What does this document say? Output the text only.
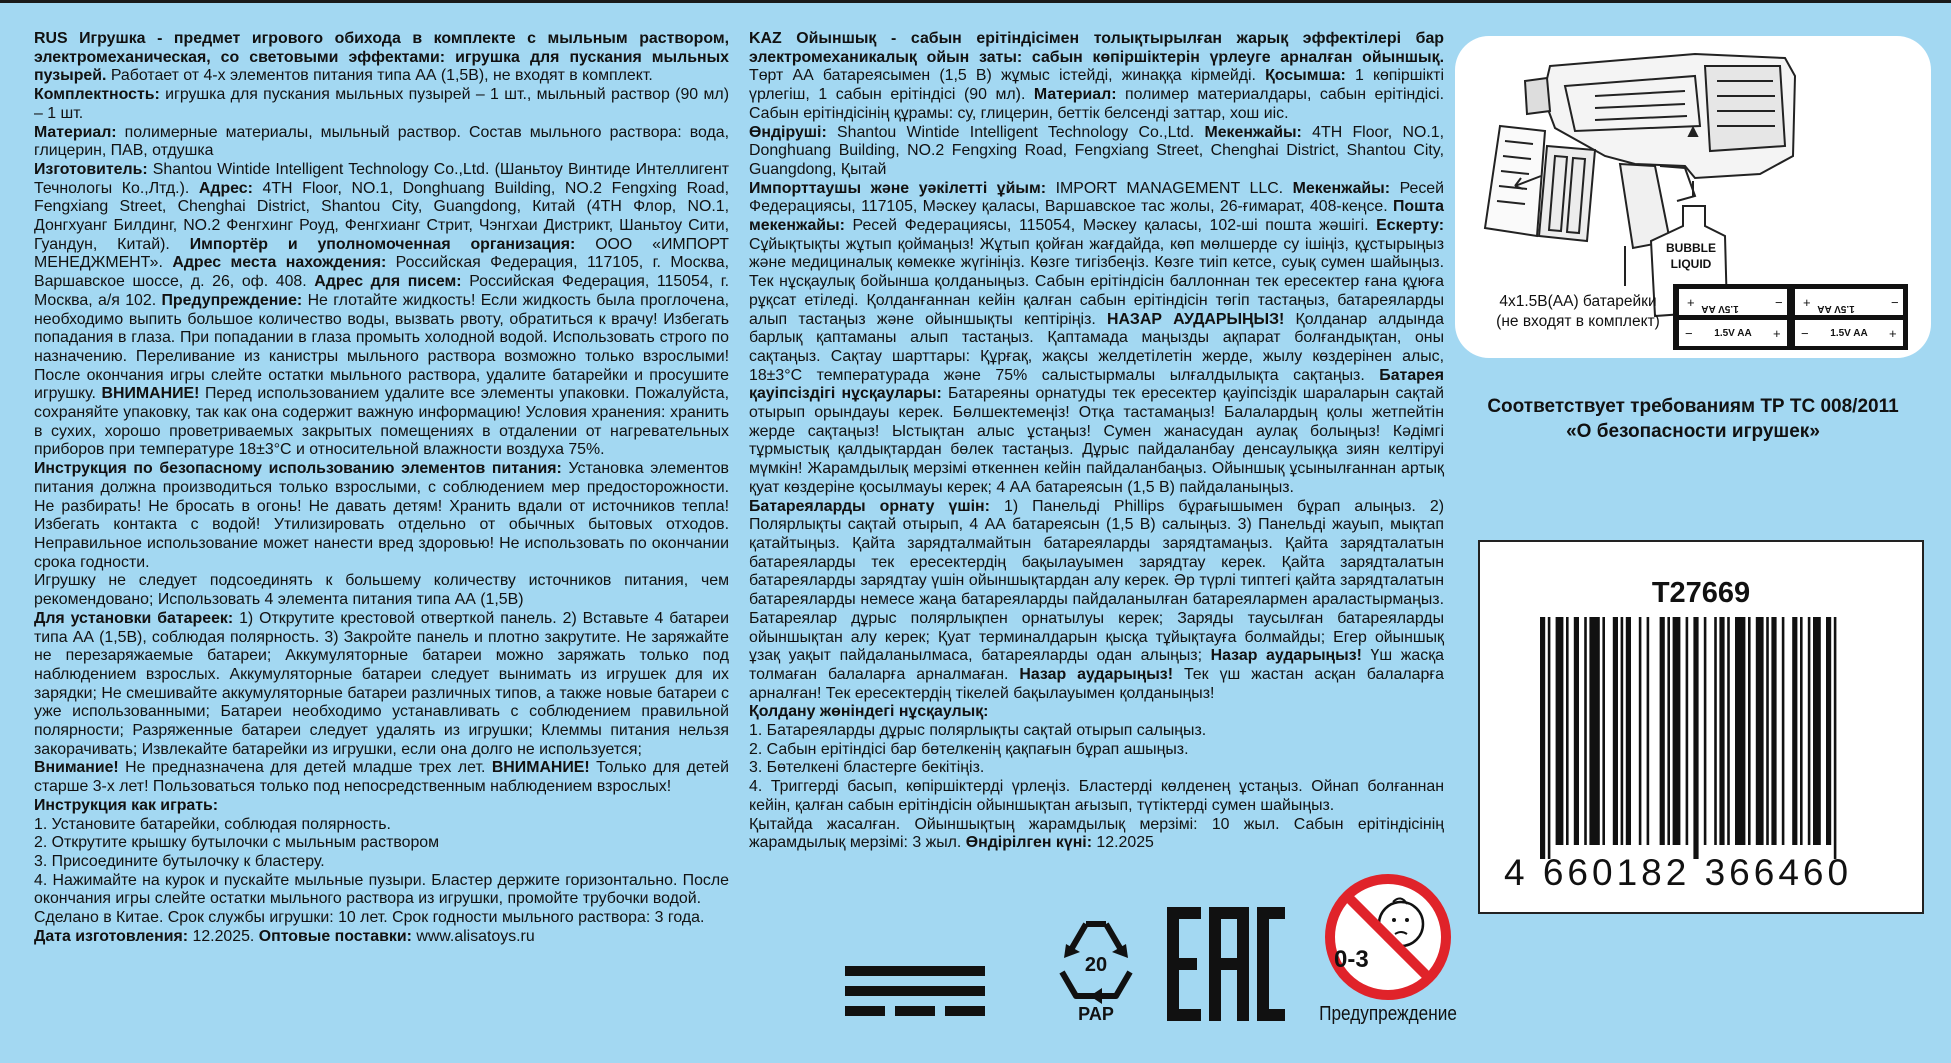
RUS Игрушка - предмет игрового обихода в комплекте с мыльным раствором, электромеханическая, со световыми эффектами: игрушка для пускания мыльных пузырей. Работает от 4-х элементов питания типа АА (1,5В), не входят в комплект.

Комплектность: игрушка для пускания мыльных пузырей – 1 шт., мыльный раствор (90 мл) – 1 шт.

Материал: полимерные материалы, мыльный раствор. Состав мыльного раствора: вода, глицерин, ПАВ, отдушка

Изготовитель: Shantou Wintide Intelligent Technology Co.,Ltd. (Шаньтоу Винтиде Интеллигент Течнологы Ко.,Лтд.). Адрес: 4TH Floor, NO.1, Donghuang Building, NO.2 Fengxing Road, Fengxiang Street, Chenghai District, Shantou City, Guangdong, Китай (4TH Флор, NO.1, Донгхуанг Билдинг, NO.2 Фенгхинг Роуд, Фенгхианг Стрит, Чэнгхаи Дистрикт, Шаньтоу Сити, Гуандун, Китай). Импортёр и уполномоченная организация: ООО «ИМПОРТ МЕНЕДЖМЕНТ». Адрес места нахождения: Российская Федерация, 117105, г. Москва, Варшавское шоссе, д. 26, оф. 408. Адрес для писем: Российская Федерация, 115054, г. Москва, а/я 102. Предупреждение: Не глотайте жидкость! Если жидкость была проглочена, необходимо выпить большое количество воды, вызвать рвоту, обратиться к врачу! Избегать попадания в глаза. При попадании в глаза промыть холодной водой. Использовать строго по назначению. Переливание из канистры мыльного раствора возможно только взрослыми! После окончания игры слейте остатки мыльного раствора, удалите батарейки и просушите игрушку. ВНИМАНИЕ! Перед использованием удалите все элементы упаковки. Пожалуйста, сохраняйте упаковку, так как она содержит важную информацию! Условия хранения: хранить в сухих, хорошо проветриваемых закрытых помещениях в отдалении от нагревательных приборов при температуре 18±3°С и относительной влажности воздуха 75%.

Инструкция по безопасному использованию элементов питания: Установка элементов питания должна производиться только взрослыми, с соблюдением мер предосторожности. Не разбирать! Не бросать в огонь! Не давать детям! Хранить вдали от источников тепла! Избегать контакта с водой! Утилизировать отдельно от обычных бытовых отходов. Неправильное использование может нанести вред здоровью! Не использовать по окончании срока годности.

Игрушку не следует подсоединять к большему количеству источников питания, чем рекомендовано; Использовать 4 элемента питания типа АА (1,5В)

Для установки батареек: 1) Открутите крестовой отверткой панель. 2) Вставьте 4 батареи типа АА (1,5В), соблюдая полярность. 3) Закройте панель и плотно закрутите. Не заряжайте не перезаряжаемые батареи; Аккумуляторные батареи можно заряжать только под наблюдением взрослых. Аккумуляторные батареи следует вынимать из игрушек для их зарядки; Не смешивайте аккумуляторные батареи различных типов, а также новые батареи с уже использованными; Батареи необходимо устанавливать с соблюдением правильной полярности; Разряженные батареи следует удалять из игрушки; Клеммы питания нельзя закорачивать; Извлекайте батарейки из игрушки, если она долго не используется;

Внимание! Не предназначена для детей младше трех лет. ВНИМАНИЕ! Только для детей старше 3-х лет! Пользоваться только под непосредственным наблюдением взрослых!

Инструкция как играть:

1. Установите батарейки, соблюдая полярность.

2. Открутите крышку бутылочки с мыльным раствором

3. Присоедините бутылочку к бластеру.

4. Нажимайте на курок и пускайте мыльные пузыри. Бластер держите горизонтально. После окончания игры слейте остатки мыльного раствора из игрушки, промойте трубочки водой.

Сделано в Китае. Срок службы игрушки: 10 лет. Срок годности мыльного раствора: 3 года.

Дата изготовления: 12.2025. Оптовые поставки: www.alisatoys.ru

KAZ Ойыншық - сабын ерітіндісімен толықтырылған жарық эффектілері бар электромеханикалық ойын заты: сабын көпіршіктерін үрлеуге арналған ойыншық. Төрт АА батареясымен (1,5 В) жұмыс істейді, жинаққа кірмейді. Қосымша: 1 көпіршікті үрлегіш, 1 сабын ерітіндісі (90 мл). Материал: полимер материалдары, сабын ерітіндісі. Сабын ерітіндісінің құрамы: су, глицерин, беттік белсенді заттар, хош иіс.

Өндіруші: Shantou Wintide Intelligent Technology Co.,Ltd. Мекенжайы: 4TH Floor, NO.1, Donghuang Building, NO.2 Fengxing Road, Fengxiang Street, Chenghai District, Shantou City, Guangdong, Қытай

Импорттаушы және уәкілетті ұйым: IMPORT MANAGEMENT LLC. Мекенжайы: Ресей Федерациясы, 117105, Мәскеу қаласы, Варшавское тас жолы, 26-ғимарат, 408-кеңсе. Пошта мекенжайы: Ресей Федерациясы, 115054, Мәскеу қаласы, 102-ші пошта жәшігі. Ескерту: Сұйықтықты жұтып қоймаңыз! Жұтып қойған жағдайда, көп мөлшерде су ішіңіз, құстырыңыз және медициналық көмекке жүгініңіз. Көзге тигізбеңіз. Көзге тиіп кетсе, суық сумен шайыңыз. Тек нұсқаулық бойынша қолданыңыз. Сабын ерітіндісін баллоннан тек ересектер ғана құюға рұқсат етіледі. Қолданғаннан кейін қалған сабын ерітіндісін төгіп тастаңыз, батареяларды алып тастаңыз және ойыншықты кептіріңіз. НАЗАР АУДАРЫҢЫЗ! Қолданар алдында барлық қаптаманы алып тастаңыз. Қаптамада маңызды ақпарат болғандықтан, оны сақтаңыз. Сақтау шарттары: Құрғақ, жақсы желдетілетін жерде, жылу көздерінен алыс, 18±3°С температурада және 75% салыстырмалы ылғалдылықта сақтаңыз. Батарея қауіпсіздігі нұсқаулары: Батареяны орнатуды тек ересектер қауіпсіздік шараларын сақтай отырып орындауы керек. Бөлшектемеңіз! Отқа тастамаңыз! Балалардың қолы жетпейтін жерде сақтаңыз! Ыстықтан алыс ұстаңыз! Сумен жанасудан аулақ болыңыз! Кәдімгі тұрмыстық қалдықтардан бөлек тастаңыз. Дұрыс пайдаланбау денсаулыққа зиян келтіруі мүмкін! Жарамдылық мерзімі өткеннен кейін пайдаланбаңыз. Ойыншық ұсынылғаннан артық қуат көздеріне қосылмауы керек; 4 АА батареясын (1,5 В) пайдаланыңыз.

Батареяларды орнату үшін: 1) Панельді Phillips бұрағышымен бұрап алыңыз. 2) Полярлықты сақтай отырып, 4 АА батареясын (1,5 В) салыңыз. 3) Панельді жауып, мықтап қатайтыңыз. Қайта зарядталмайтын батареяларды зарядтамаңыз. Қайта зарядталатын батареяларды тек ересектердің бақылауымен зарядтау керек. Қайта зарядталатын батареяларды зарядтау үшін ойыншықтардан алу керек. Әр түрлі типтегі қайта зарядталатын батареяларды немесе жаңа батареяларды пайдаланылған батареялармен араластырмаңыз. Батареялар дұрыс полярлықпен орнатылуы керек; Заряды таусылған батареяларды ойыншықтан алу керек; Қуат терминалдарын қысқа тұйықтауға болмайды; Егер ойыншық ұзақ уақыт пайдаланылмаса, батареяларды одан алыңыз; Назар аударыңыз! Үш жасқа толмаған балаларға арналмаған. Назар аударыңыз! Тек үш жастан асқан балаларға арналған! Тек ересектердің тікелей бақылауымен қолданыңыз!

Қолдану жөніндегі нұсқаулық:

1. Батареяларды дұрыс полярлықты сақтай отырып салыңыз.

2. Сабын ерітіндісі бар бөтелкенің қақпағын бұрап ашыңыз.

3. Бөтелкені бластерге бекітіңіз.

4. Триггерді басып, көпіршіктерді үрлеңіз. Бластерді көлденең ұстаңыз. Ойнап болғаннан кейін, қалған сабын ерітіндісін ойыншықтан ағызып, түтіктерді сумен шайыңыз.

Қытайда жасалған. Ойыншықтың жарамдылық мерзімі: 10 жыл. Сабын ерітіндісінің жарамдылық мерзімі: 3 жыл. Өндірілген күні: 12.2025

BUBBLE
LIQUID
+ 1.5V AA	− + 1.5V AA	−
− 1.5V AA + − 1.5V AA +
4x1.5В(АА) батарейки
(не входят в комплект)
Соответствует требованиям ТР ТС 008/2011
«О безопасности игрушек»
T27669
4 660182 366460
20
PAP
0-3
Предупреждение
